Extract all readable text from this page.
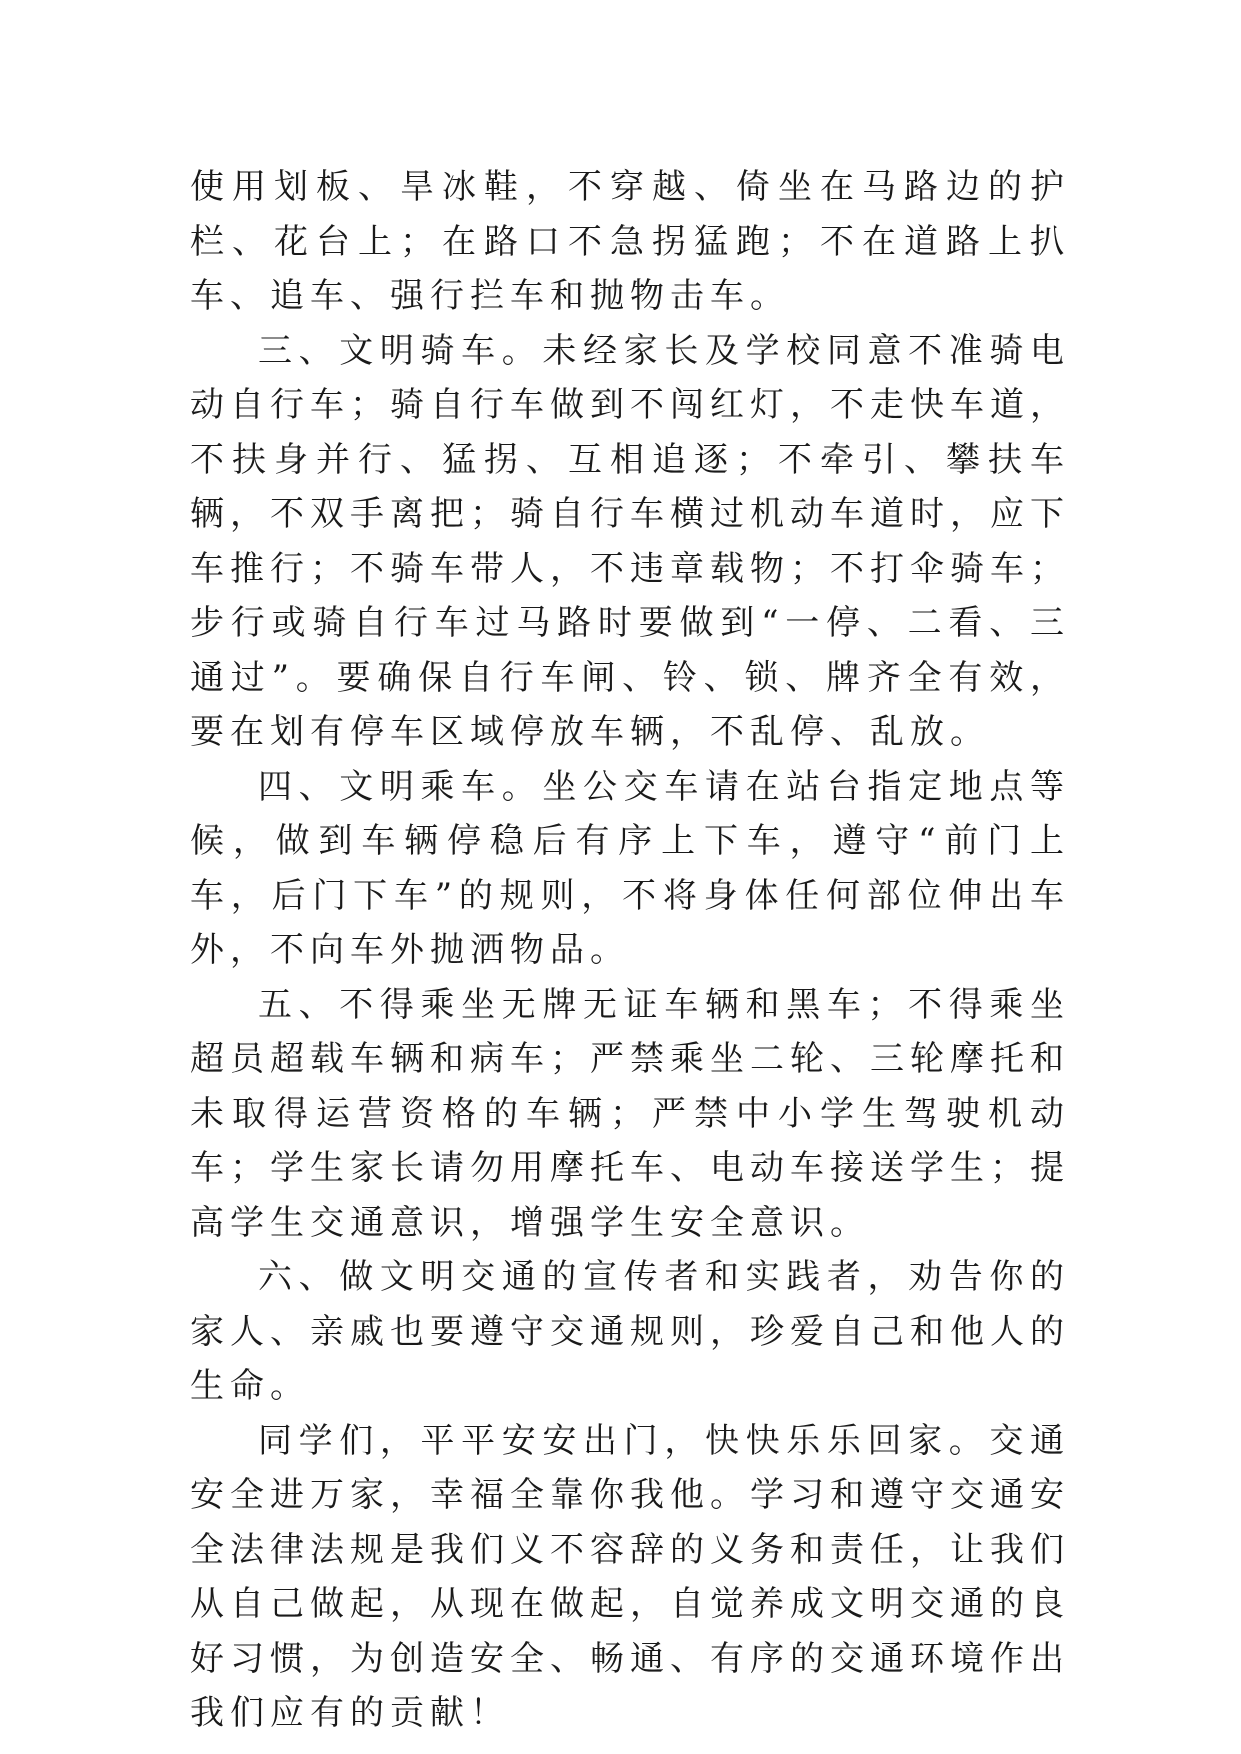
使用划板、旱冰鞋，不穿越、倚坐在马路边的护栏、花台上；在路口不急拐猛跑；不在道路上扒车、追车、强行拦车和抛物击车。

三、文明骑车。未经家长及学校同意不准骑电动自行车；骑自行车做到不闯红灯，不走快车道，不扶身并行、猛拐、互相追逐；不牵引、攀扶车辆，不双手离把；骑自行车横过机动车道时，应下车推行；不骑车带人，不违章载物；不打伞骑车；步行或骑自行车过马路时要做到“一停、二看、三通过”。要确保自行车闸、铃、锁、牌齐全有效，要在划有停车区域停放车辆，不乱停、乱放。

四、文明乘车。坐公交车请在站台指定地点等候，做到车辆停稳后有序上下车，遵守“前门上车，后门下车”的规则，不将身体任何部位伸出车外，不向车外抛洒物品。

五、不得乘坐无牌无证车辆和黑车；不得乘坐超员超载车辆和病车；严禁乘坐二轮、三轮摩托和未取得运营资格的车辆；严禁中小学生驾驶机动车；学生家长请勿用摩托车、电动车接送学生；提高学生交通意识，增强学生安全意识。

六、做文明交通的宣传者和实践者，劝告你的家人、亲戚也要遵守交通规则，珍爱自己和他人的生命。

同学们，平平安安出门，快快乐乐回家。交通安全进万家，幸福全靠你我他。学习和遵守交通安全法律法规是我们义不容辞的义务和责任，让我们从自己做起，从现在做起，自觉养成文明交通的良好习惯，为创造安全、畅通、有序的交通环境作出我们应有的贡献！
